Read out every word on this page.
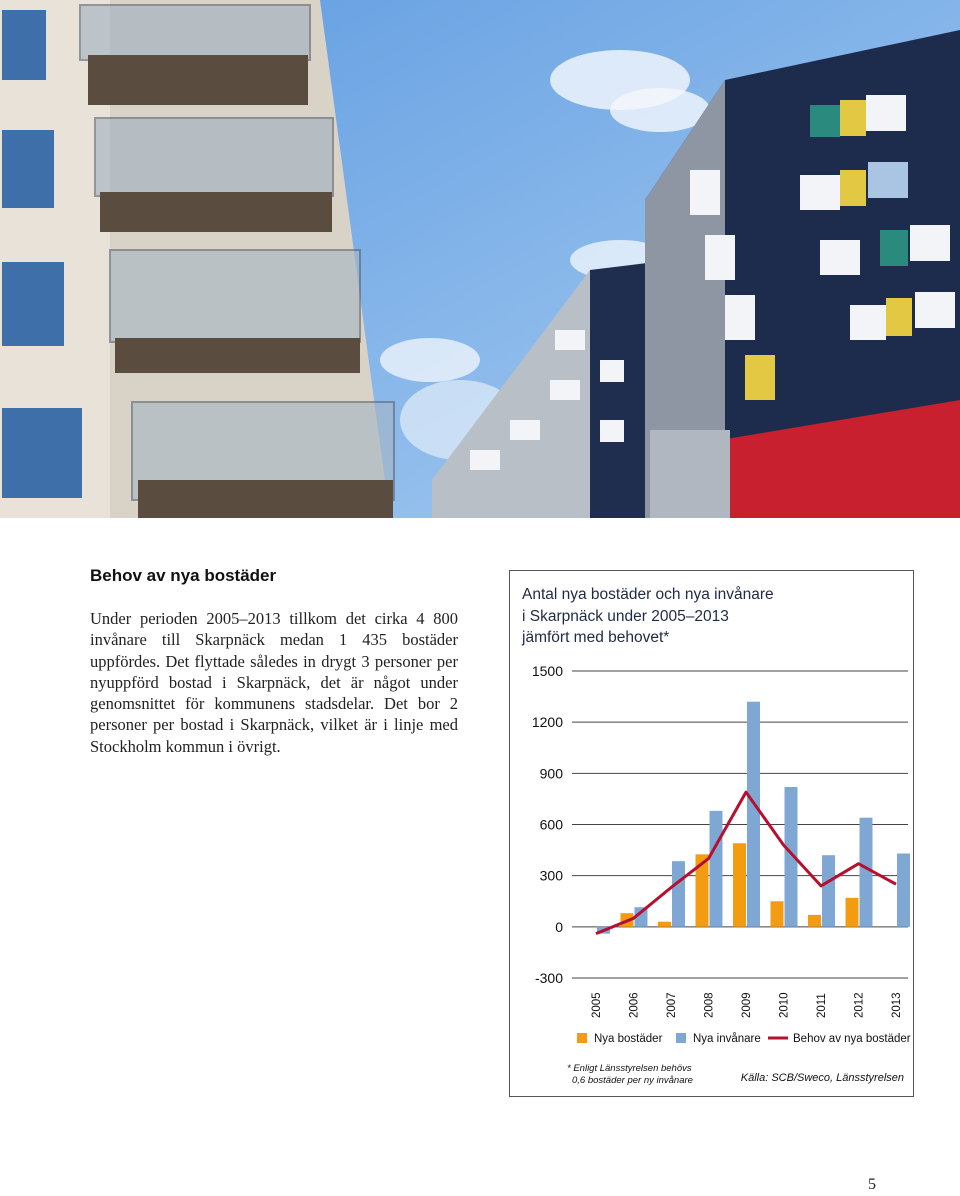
Behov av nya bostäder

Under perioden 2005–2013 tillkom det cirka 4 800 invånare till Skarpnäck medan 1 435 bostäder uppfördes. Det flyttade således in drygt 3 personer per nyuppförd bostad i Skarpnäck, det är något under genomsnittet för kommunens stadsdelar. Det bor 2 personer per bostad i Skarpnäck, vilket är i linje med Stockholm kommun i övrigt.

Antal nya bostäder och nya invånare
i Skarpnäck under 2005–2013
jämfört med behovet*
1500
1200
900
600
300
0
-300
2005 2006 2007 2008 2009 2010 2011 2012 2013
Nya bostäder	Nya invånare	Behov av nya bostäder
* Enligt Länsstyrelsen behövs
0,6 bostäder per ny invånare	Källa: SCB/Sweco, Länsstyrelsen

5
